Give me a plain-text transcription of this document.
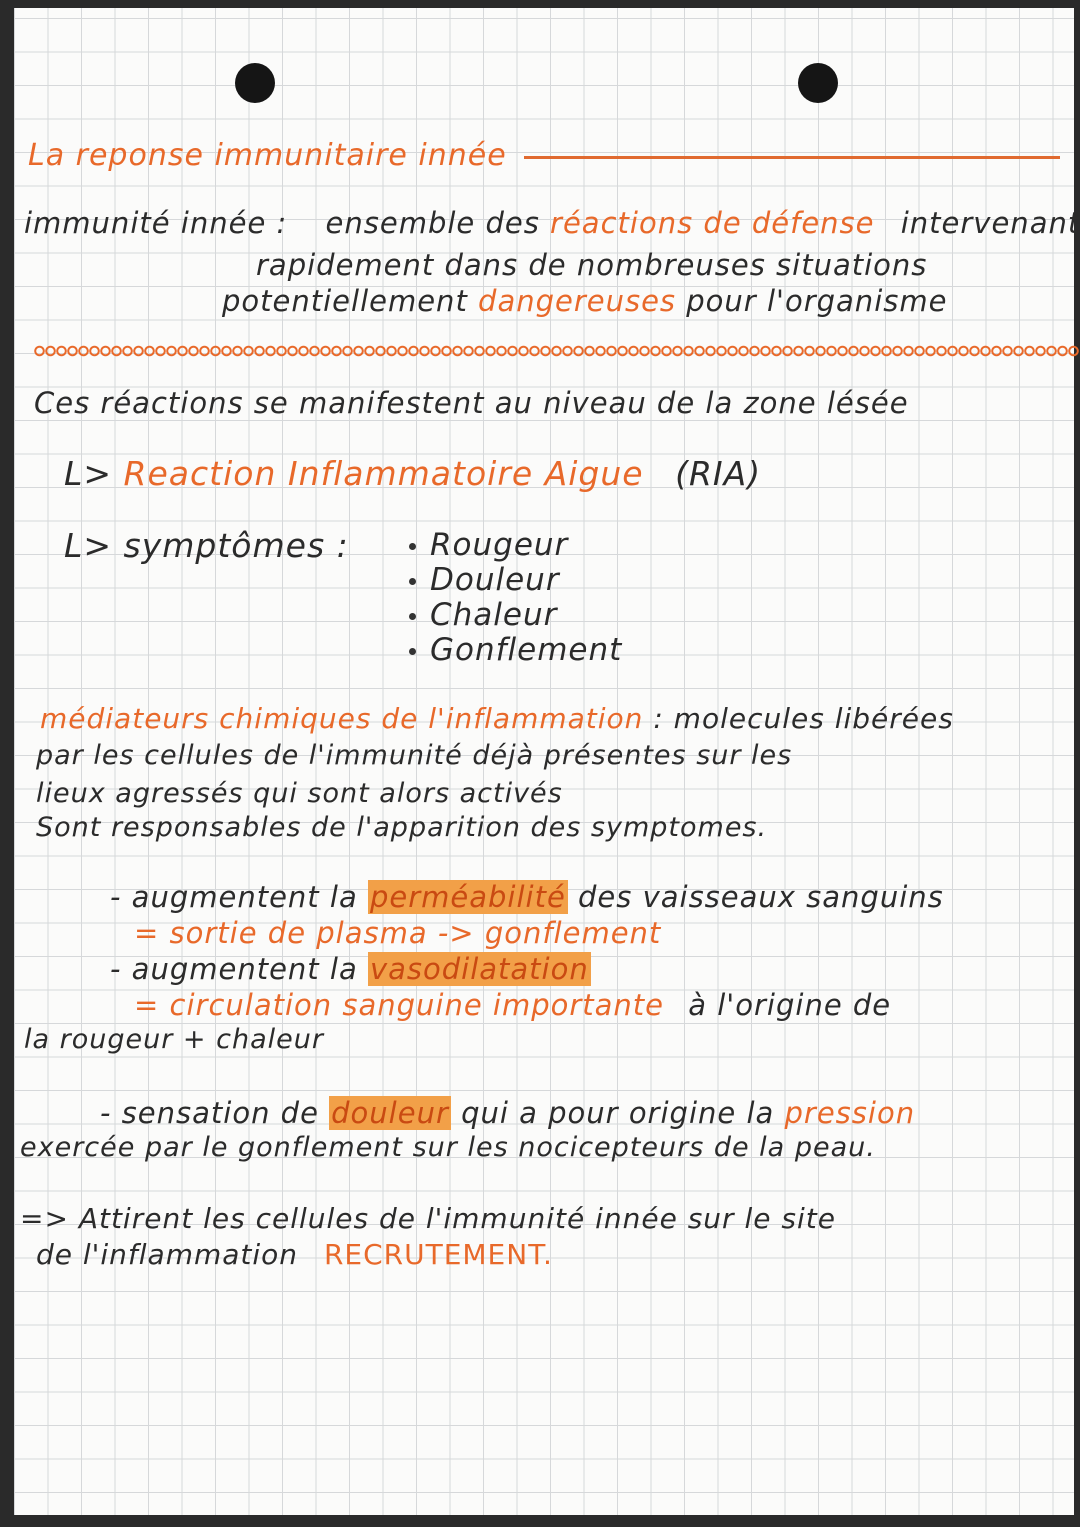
La reponse immunitaire innée
immunité innée : ensemble des réactions de défense intervenant
rapidement dans de nombreuses situations
potentiellement dangereuses pour l'organisme
Ces réactions se manifestent au niveau de la zone lésée
L> Reaction Inflammatoire Aigue (RIA)
L> symptômes :	Rougeur
Douleur
Chaleur
Gonflement
médiateurs chimiques de l'inflammation : molecules libérées
par les cellules de l'immunité déjà présentes sur les
lieux agressés qui sont alors activés
Sont responsables de l'apparition des symptomes.
- augmentent la perméabilité des vaisseaux sanguins
= sortie de plasma -> gonflement
- augmentent la vasodilatation
= circulation sanguine importante à l'origine de
la rougeur + chaleur
- sensation de douleur qui a pour origine la pression
exercée par le gonflement sur les nocicepteurs de la peau.
=> Attirent les cellules de l'immunité innée sur le site
de l'inflammation RECRUTEMENT.
